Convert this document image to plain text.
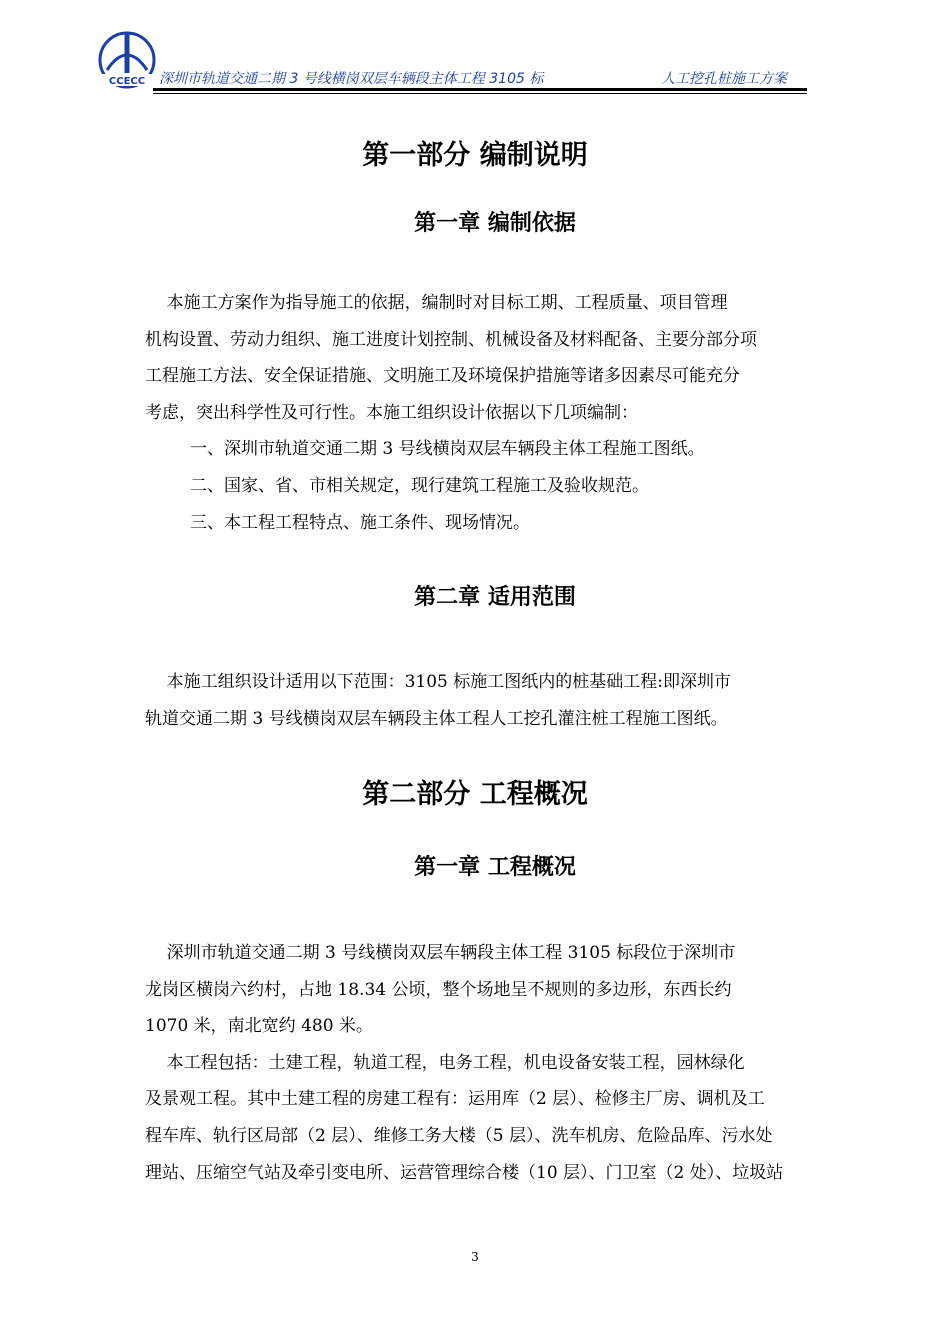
CCECC 深圳市轨道交通二期 3 号线横岗双层车辆段主体工程 3105 标	人工挖孔桩施工方案
第一部分 编制说明
第一章 编制依据
本施工方案作为指导施工的依据，编制时对目标工期、工程质量、项目管理
机构设置、劳动力组织、施工进度计划控制、机械设备及材料配备、主要分部分项
工程施工方法、安全保证措施、文明施工及环境保护措施等诸多因素尽可能充分
考虑，突出科学性及可行性。本施工组织设计依据以下几项编制：
一、深圳市轨道交通二期 3 号线横岗双层车辆段主体工程施工图纸。
二、国家、省、市相关规定，现行建筑工程施工及验收规范。
三、本工程工程特点、施工条件、现场情况。
第二章 适用范围
本施工组织设计适用以下范围：3105 标施工图纸内的桩基础工程:即深圳市
轨道交通二期 3 号线横岗双层车辆段主体工程人工挖孔灌注桩工程施工图纸。
第二部分 工程概况
第一章 工程概况
深圳市轨道交通二期 3 号线横岗双层车辆段主体工程 3105 标段位于深圳市
龙岗区横岗六约村，占地 18.34 公顷，整个场地呈不规则的多边形，东西长约
1070 米，南北宽约 480 米。
本工程包括：土建工程，轨道工程，电务工程，机电设备安装工程，园林绿化
及景观工程。其中土建工程的房建工程有：运用库（2 层）、检修主厂房、调机及工
程车库、轨行区局部（2 层）、维修工务大楼（5 层）、洗车机房、危险品库、污水处
理站、压缩空气站及牵引变电所、运营管理综合楼（10 层）、门卫室（2 处）、垃圾站
3
